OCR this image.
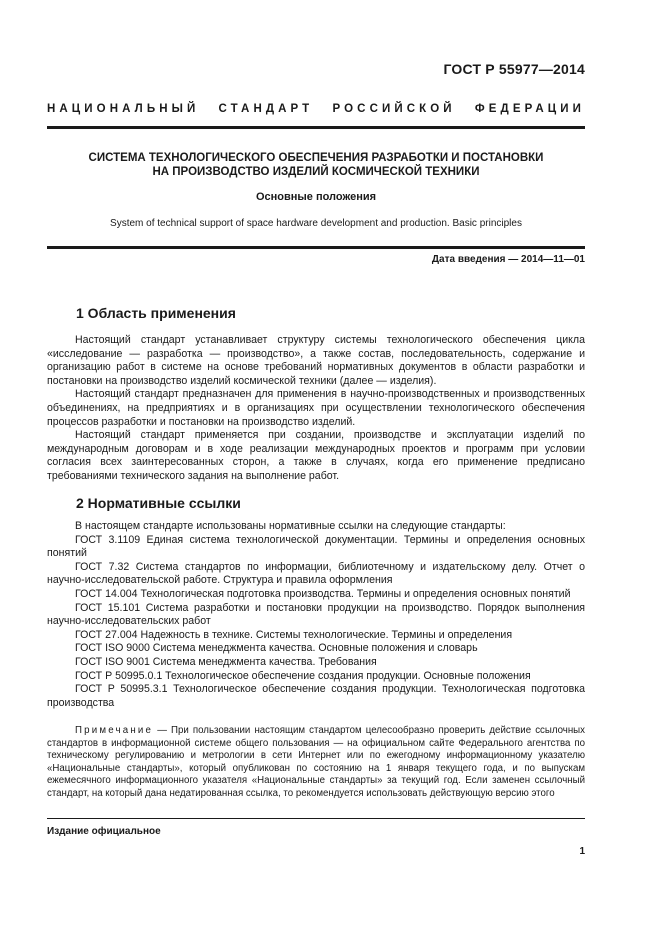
ГОСТ Р 55977—2014
НАЦИОНАЛЬНЫЙ СТАНДАРТ РОССИЙСКОЙ ФЕДЕРАЦИИ
СИСТЕМА ТЕХНОЛОГИЧЕСКОГО ОБЕСПЕЧЕНИЯ РАЗРАБОТКИ И ПОСТАНОВКИ
НА ПРОИЗВОДСТВО ИЗДЕЛИЙ КОСМИЧЕСКОЙ ТЕХНИКИ
Основные положения
System of technical support of space hardware development and production. Basic principles
Дата введения — 2014—11—01
1 Область применения

Настоящий стандарт устанавливает структуру системы технологического обеспечения цикла «исследование — разработка — производство», а также состав, последовательность, содержание и организацию работ в системе на основе требований нормативных документов в области разработки и постановки на производство изделий космической техники (далее — изделия).

Настоящий стандарт предназначен для применения в научно-производственных и производственных объединениях, на предприятиях и в организациях при осуществлении технологического обеспечения процессов разработки и постановки на производство изделий.

Настоящий стандарт применяется при создании, производстве и эксплуатации изделий по международным договорам и в ходе реализации международных проектов и программ при условии согласия всех заинтересованных сторон, а также в случаях, когда его применение предписано требованиями технического задания на выполнение работ.

2 Нормативные ссылки

В настоящем стандарте использованы нормативные ссылки на следующие стандарты:

ГОСТ 3.1109 Единая система технологической документации. Термины и определения основных понятий

ГОСТ 7.32 Система стандартов по информации, библиотечному и издательскому делу. Отчет о научно-исследовательской работе. Структура и правила оформления

ГОСТ 14.004 Технологическая подготовка производства. Термины и определения основных понятий

ГОСТ 15.101 Система разработки и постановки продукции на производство. Порядок выполнения научно-исследовательских работ

ГОСТ 27.004 Надежность в технике. Системы технологические. Термины и определения

ГОСТ ISO 9000 Система менеджмента качества. Основные положения и словарь

ГОСТ ISO 9001 Система менеджмента качества. Требования

ГОСТ Р 50995.0.1 Технологическое обеспечение создания продукции. Основные положения

ГОСТ Р 50995.3.1 Технологическое обеспечение создания продукции. Технологическая подготовка производства

Примечание — При пользовании настоящим стандартом целесообразно проверить действие ссылочных стандартов в информационной системе общего пользования — на официальном сайте Федерального агентства по техническому регулированию и метрологии в сети Интернет или по ежегодному информационному указателю «Национальные стандарты», который опубликован по состоянию на 1 января текущего года, и по выпускам ежемесячного информационного указателя «Национальные стандарты» за текущий год. Если заменен ссылочный стандарт, на который дана недатированная ссылка, то рекомендуется использовать действующую версию этого

Издание официальное
1
